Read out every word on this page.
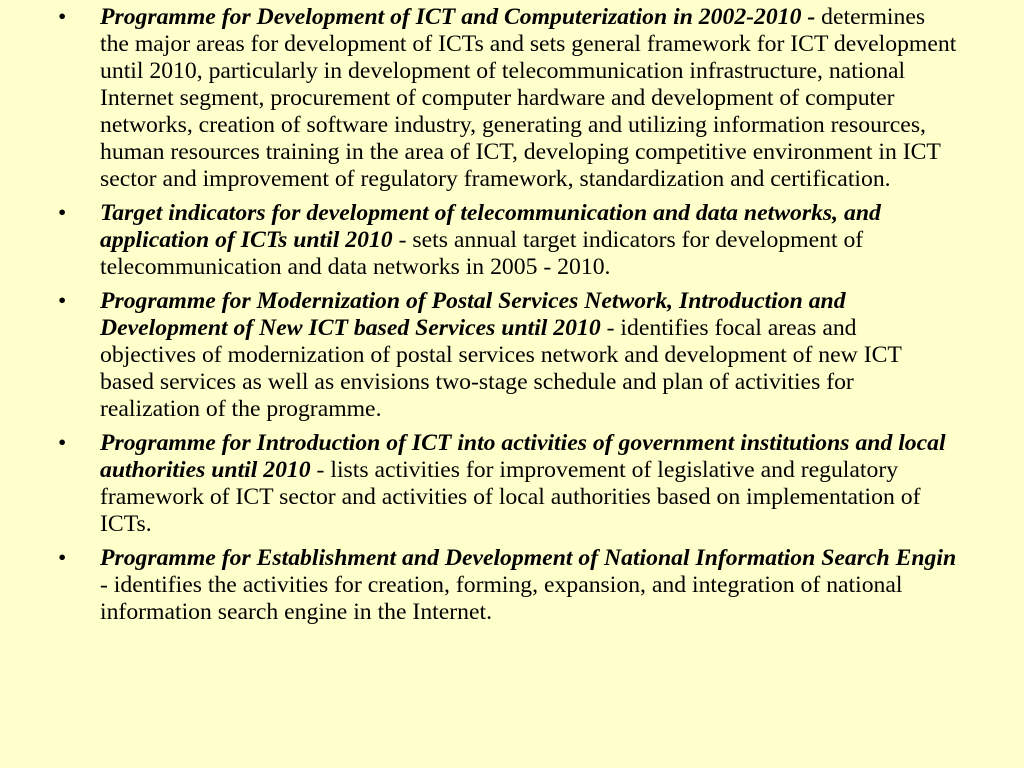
•	Programme for Development of ICT and Computerization in 2002-2010 - determines the major areas for development of ICTs and sets general framework for ICT development until 2010, particularly in development of telecommunication infrastructure, national Internet segment, procurement of computer hardware and development of computer networks, creation of software industry, generating and utilizing information resources, human resources training in the area of ICT, developing competitive environment in ICT sector and improvement of regulatory framework, standardization and certification.
•	Target indicators for development of telecommunication and data networks, and application of ICTs until 2010 - sets annual target indicators for development of telecommunication and data networks in 2005 - 2010.
•	Programme for Modernization of Postal Services Network, Introduction and Development of New ICT based Services until 2010 - identifies focal areas and objectives of modernization of postal services network and development of new ICT based services as well as envisions two-stage schedule and plan of activities for realization of the programme.
•	Programme for Introduction of ICT into activities of government institutions and local authorities until 2010 - lists activities for improvement of legislative and regulatory framework of ICT sector and activities of local authorities based on implementation of ICTs.
•	Programme for Establishment and Development of National Information Search Engin - identifies the activities for creation, forming, expansion, and integration of national information search engine in the Internet.
